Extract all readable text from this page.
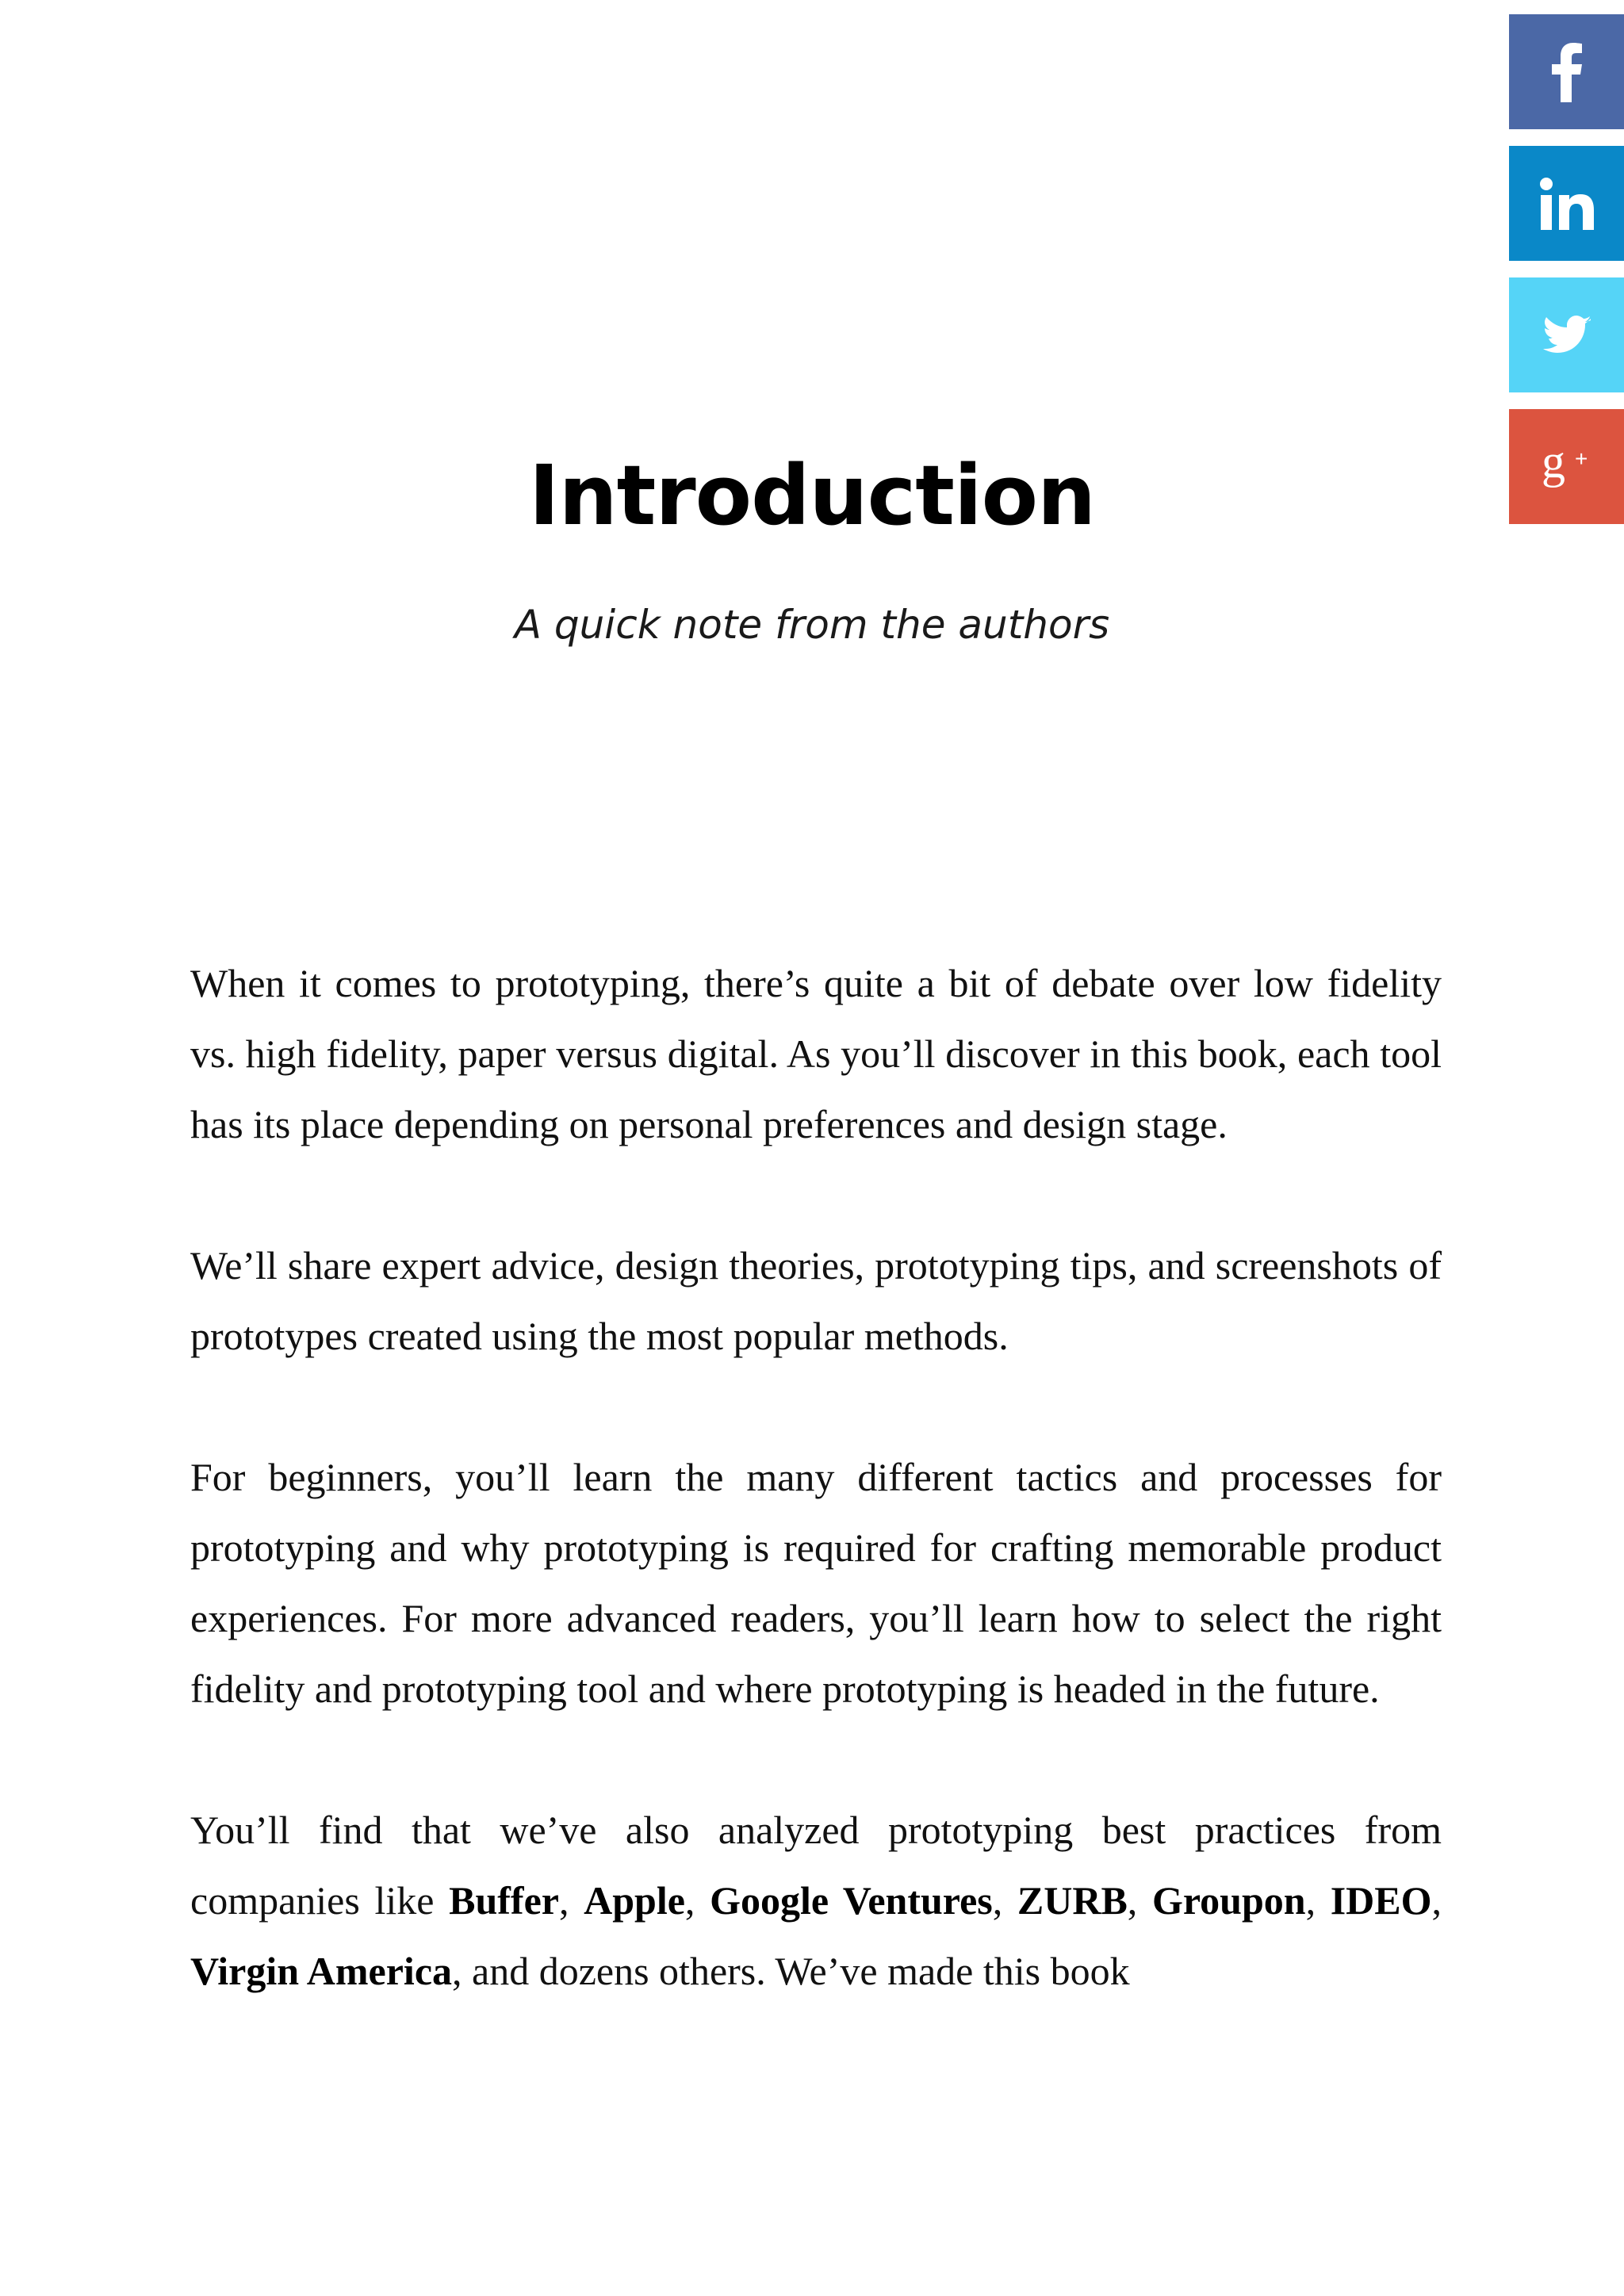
g +
Introduction

A quick note from the authors

When it comes to prototyping, there’s quite a bit of debate over low fidelity vs. high fidelity, paper versus digital. As you’ll discover in this book, each tool has its place depending on personal preferences and design stage.

We’ll share expert advice, design theories, prototyping tips, and screenshots of prototypes created using the most popular methods.

For beginners, you’ll learn the many different tactics and processes for prototyping and why prototyping is required for crafting memorable product experiences. For more advanced readers, you’ll learn how to select the right fidelity and prototyping tool and where prototyping is headed in the future.

You’ll find that we’ve also analyzed prototyping best practices from companies like Buffer, Apple, Google Ventures, ZURB, Groupon, IDEO, Virgin America, and dozens others. We’ve made this book
